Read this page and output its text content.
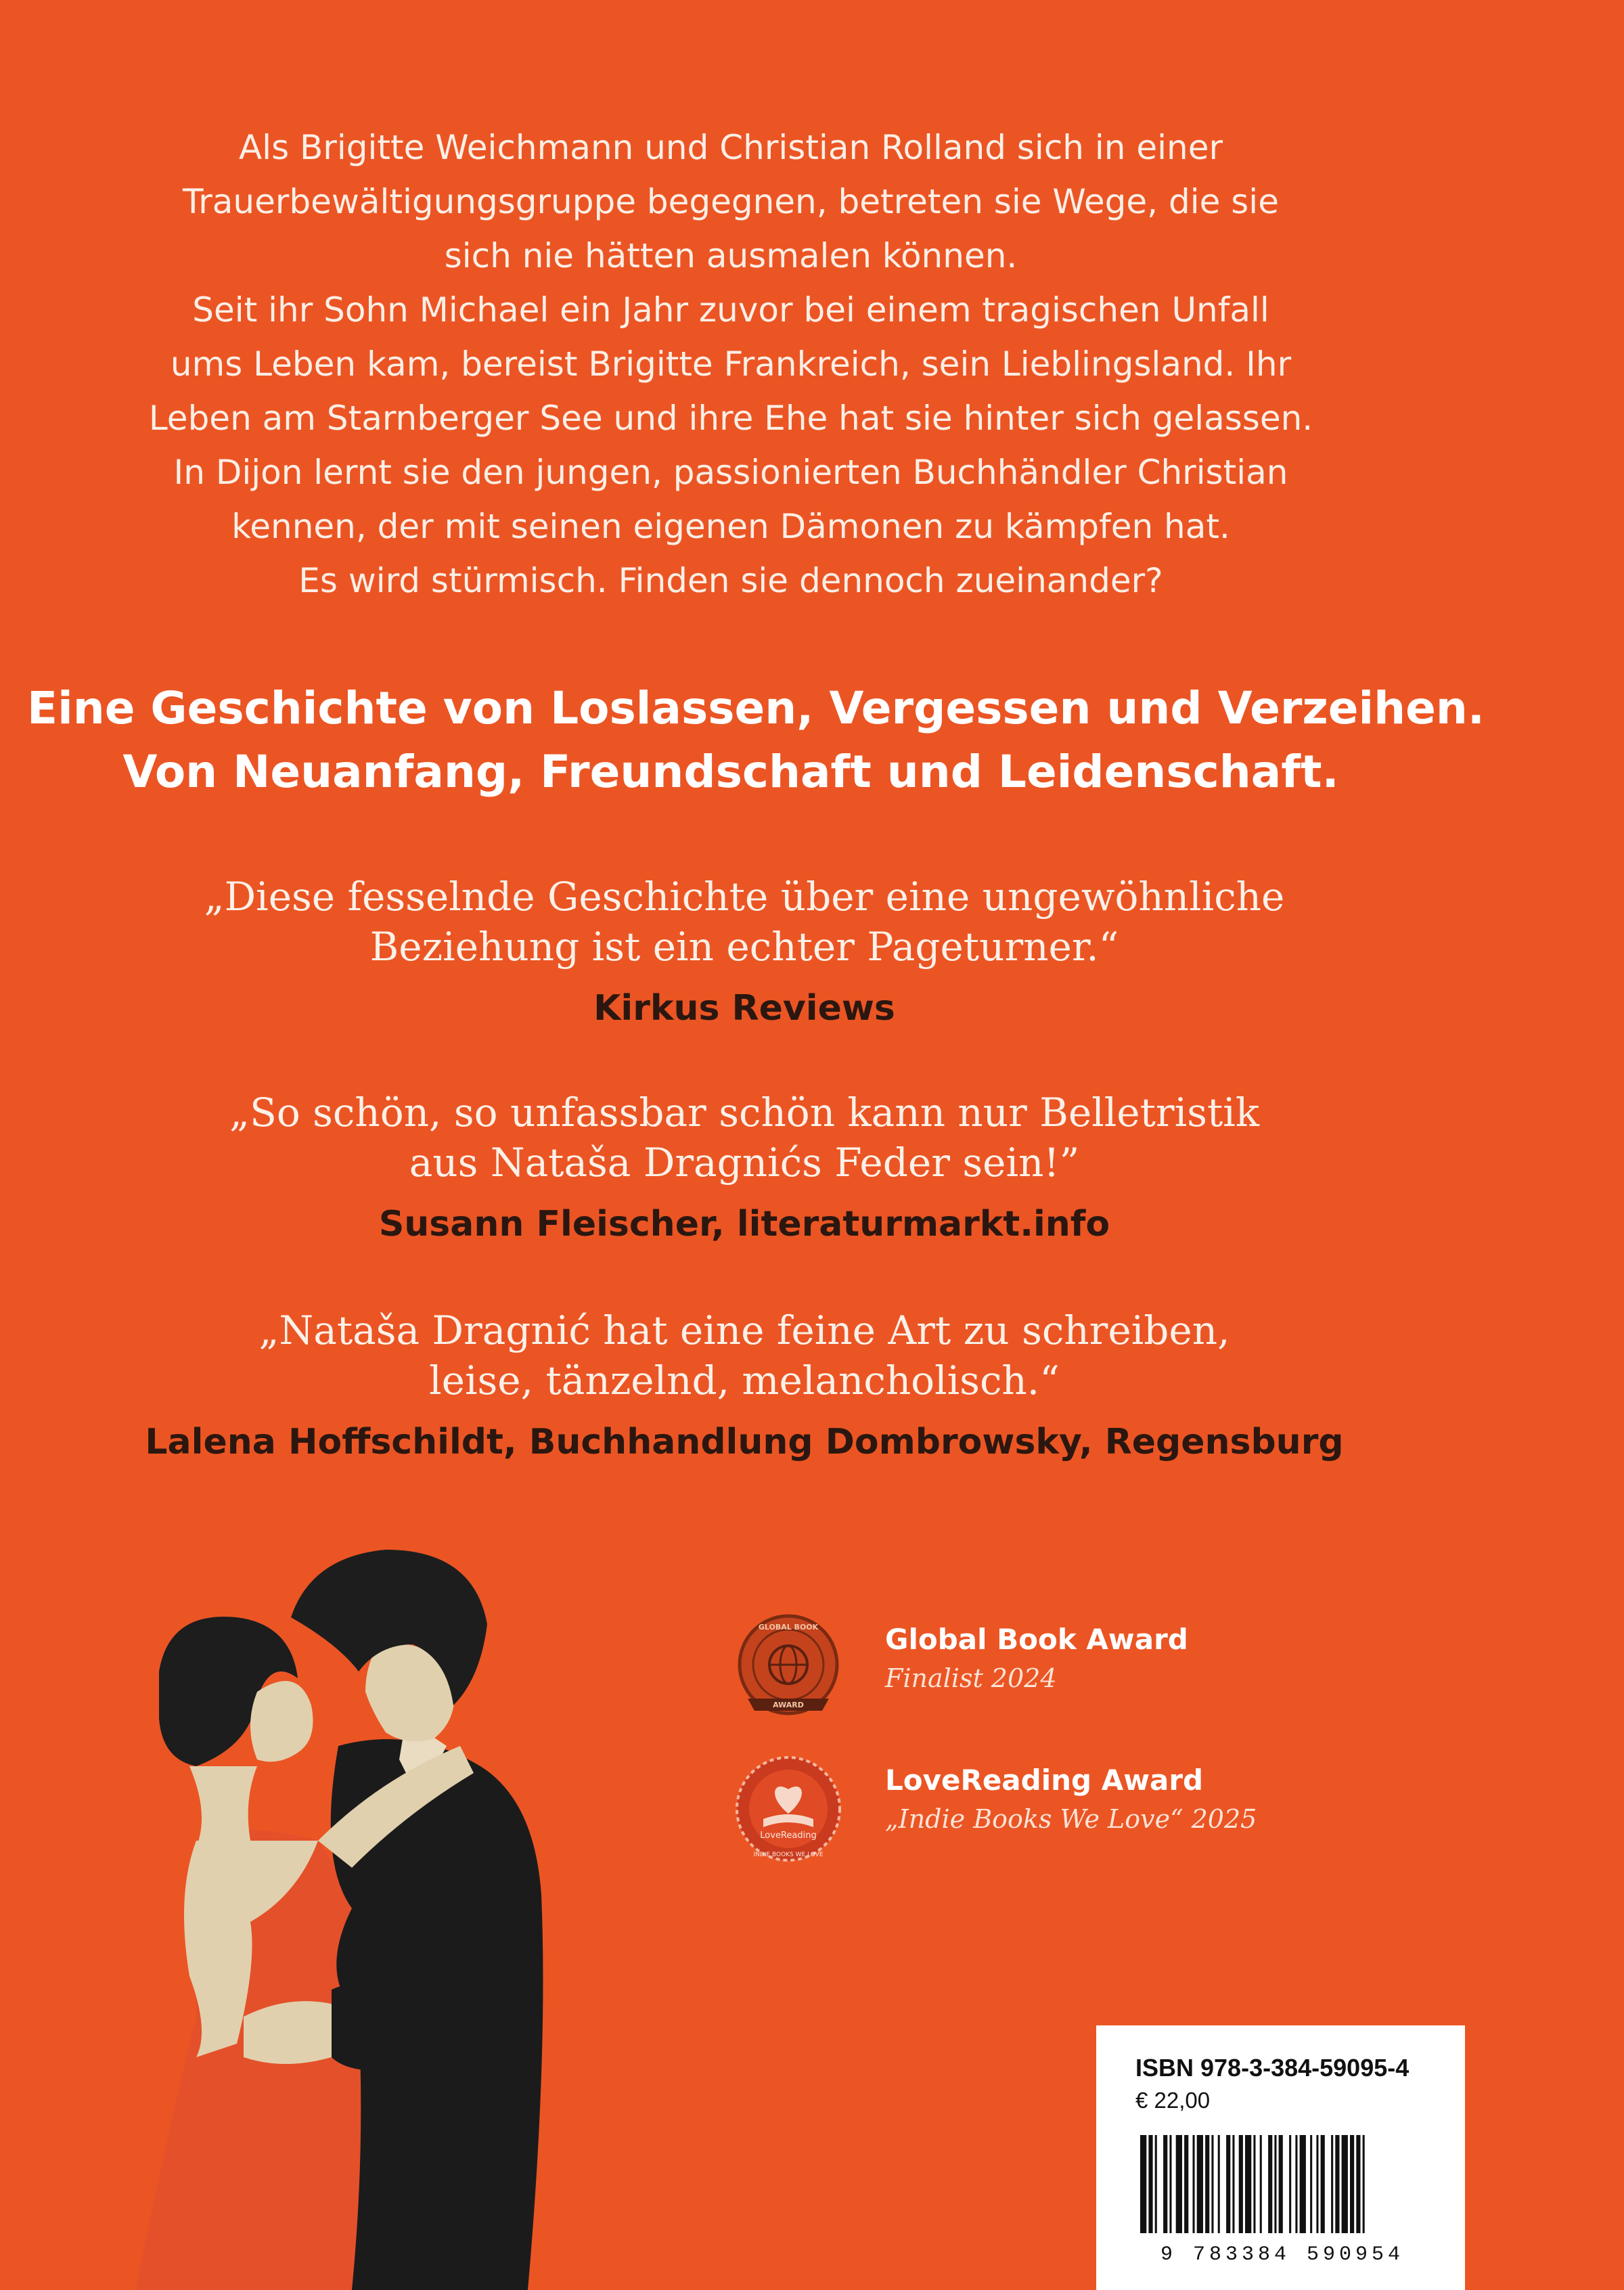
Als Brigitte Weichmann und Christian Rolland sich in einer
Trauerbewältigungsgruppe begegnen, betreten sie Wege, die sie
sich nie hätten ausmalen können.
Seit ihr Sohn Michael ein Jahr zuvor bei einem tragischen Unfall
ums Leben kam, bereist Brigitte Frankreich, sein Lieblingsland. Ihr
Leben am Starnberger See und ihre Ehe hat sie hinter sich gelassen.
In Dijon lernt sie den jungen, passionierten Buchhändler Christian
kennen, der mit seinen eigenen Dämonen zu kämpfen hat.
Es wird stürmisch. Finden sie dennoch zueinander?
Eine Geschichte von Loslassen, Vergessen und Verzeihen.
Von Neuanfang, Freundschaft und Leidenschaft.
„Diese fesselnde Geschichte über eine ungewöhnliche
Beziehung ist ein echter Pageturner.“
Kirkus Reviews
„So schön, so unfassbar schön kann nur Belletristik
aus Nataša Dragnićs Feder sein!”
Susann Fleischer, literaturmarkt.info
„Nataša Dragnić hat eine feine Art zu schreiben,
leise, tänzelnd, melancholisch.“
Lalena Hoffschildt, Buchhandlung Dombrowsky, Regensburg
GLOBAL BOOK
AWARD
Global Book Award
Finalist 2024
LoveReading
INDIE BOOKS WE LOVE
LoveReading Award
„Indie Books We Love“ 2025
ISBN 978-3-384-59095-4
€ 22,00
9 783384 590954
